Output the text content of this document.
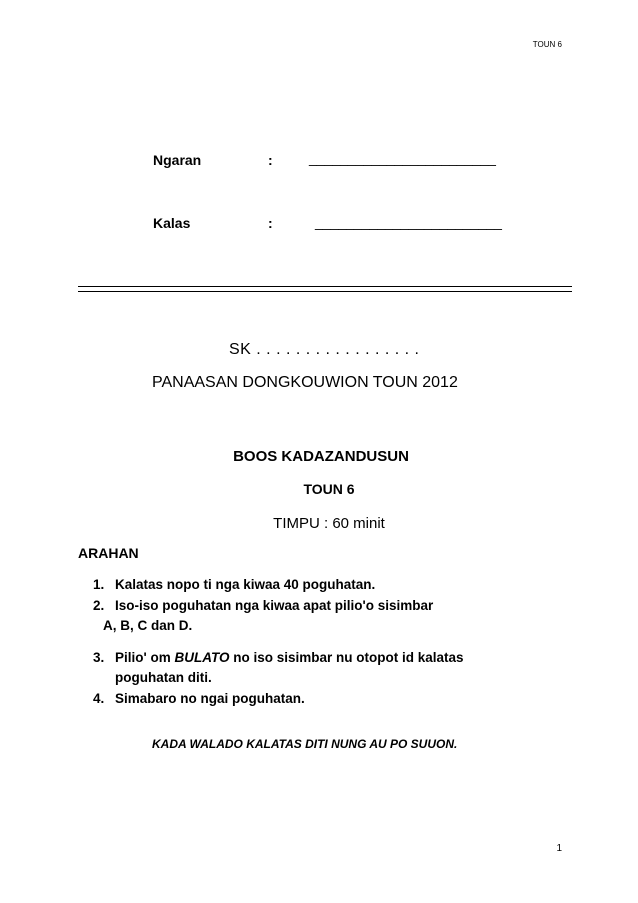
TOUN 6
Ngaran	:	________________________
Kalas	:	________________________
SK . . . . . . . . . . . . . . . . .
PANAASAN DONGKOUWION TOUN 2012
BOOS KADAZANDUSUN
TOUN 6
TIMPU : 60 minit
ARAHAN
1. Kalatas nopo ti nga kiwaa 40 poguhatan.
2. Iso-iso poguhatan nga kiwaa apat pilio'o sisimbar
A, B, C dan D.
3. Pilio' om BULATO no iso sisimbar nu otopot id kalatas
poguhatan diti.
4. Simabaro no ngai poguhatan.
KADA WALADO KALATAS DITI NUNG AU PO SUUON.
1
